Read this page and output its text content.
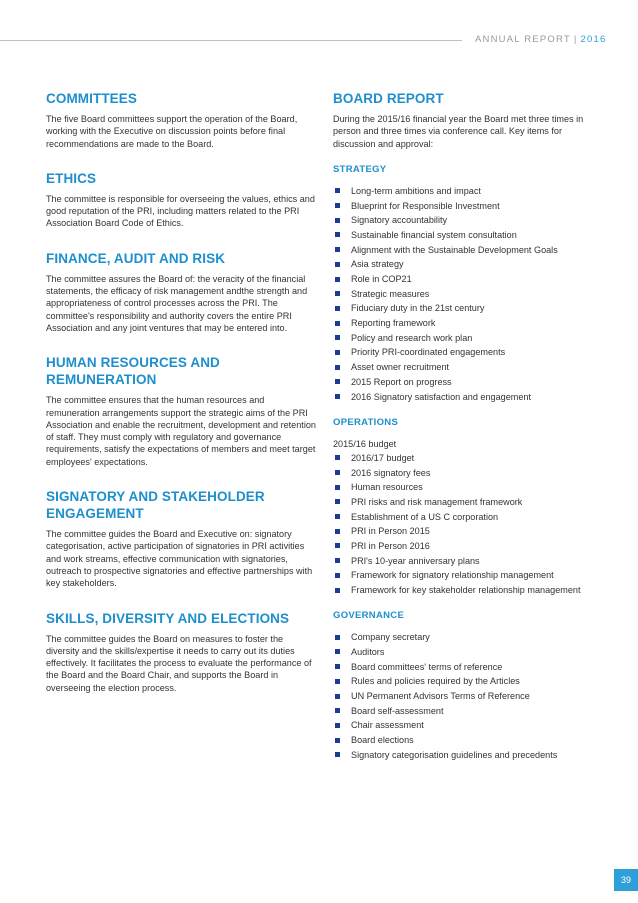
ANNUAL REPORT | 2016
COMMITTEES

The five Board committees support the operation of the Board, working with the Executive on discussion points before final recommendations are made to the Board.

ETHICS

The committee is responsible for overseeing the values, ethics and good reputation of the PRI, including matters related to the PRI Association Board Code of Ethics.

FINANCE, AUDIT AND RISK

The committee assures the Board of: the veracity of the financial statements, the efficacy of risk management andthe strength and appropriateness of control processes across the PRI. The committee's responsibility and authority covers the entire PRI Association and any joint ventures that may be entered into.

HUMAN RESOURCES AND REMUNERATION

The committee ensures that the human resources and remuneration arrangements support the strategic aims of the PRI Association and enable the recruitment, development and retention of staff. They must comply with regulatory and governance requirements, satisfy the expectations of members and meet target employees' expectations.

SIGNATORY AND STAKEHOLDER ENGAGEMENT

The committee guides the Board and Executive on: signatory categorisation, active participation of signatories in PRI activities and work streams, effective communication with signatories, outreach to prospective signatories and effective partnerships with key stakeholders.

SKILLS, DIVERSITY AND ELECTIONS

The committee guides the Board on measures to foster the diversity and the skills/expertise it needs to carry out its duties effectively. It facilitates the process to evaluate the performance of the Board and the Board Chair, and supports the Board in overseeing the election process.

BOARD REPORT

During the 2015/16 financial year the Board met three times in person and three times via conference call. Key items for discussion and approval:

STRATEGY
Long-term ambitions and impact
Blueprint for Responsible Investment
Signatory accountability
Sustainable financial system consultation
Alignment with the Sustainable Development Goals
Asia strategy
Role in COP21
Strategic measures
Fiduciary duty in the 21st century
Reporting framework
Policy and research work plan
Priority PRI-coordinated engagements
Asset owner recruitment
2015 Report on progress
2016 Signatory satisfaction and engagement
OPERATIONS

2015/16 budget

2016/17 budget
2016 signatory fees
Human resources
PRI risks and risk management framework
Establishment of a US C corporation
PRI in Person 2015
PRI in Person 2016
PRI's 10-year anniversary plans
Framework for signatory relationship management
Framework for key stakeholder relationship management
GOVERNANCE
Company secretary
Auditors
Board committees' terms of reference
Rules and policies required by the Articles
UN Permanent Advisors Terms of Reference
Board self-assessment
Chair assessment
Board elections
Signatory categorisation guidelines and precedents
39
